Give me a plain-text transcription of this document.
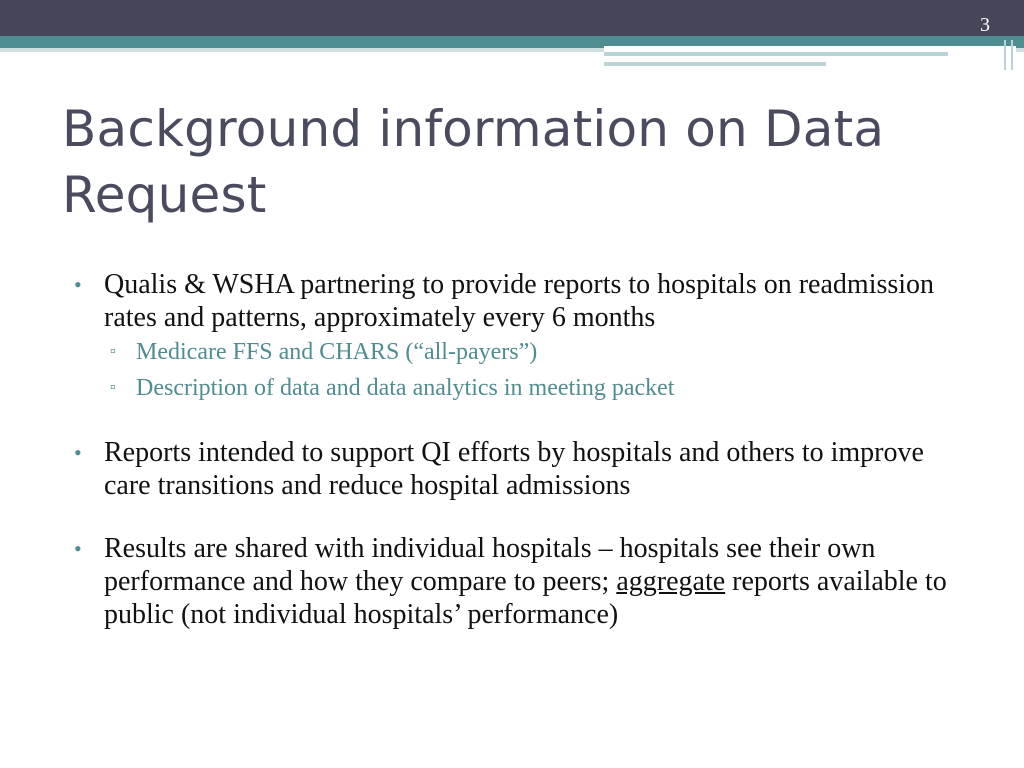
3
Background information on Data Request
• Qualis & WSHA partnering to provide reports to hospitals on readmission rates and patterns, approximately every 6 months
▫ Medicare FFS and CHARS (“all-payers”)
▫ Description of data and data analytics in meeting packet
• Reports intended to support QI efforts by hospitals and others to improve care transitions and reduce hospital admissions
• Results are shared with individual hospitals – hospitals see their own performance and how they compare to peers; aggregate reports available to public (not individual hospitals’ performance)
